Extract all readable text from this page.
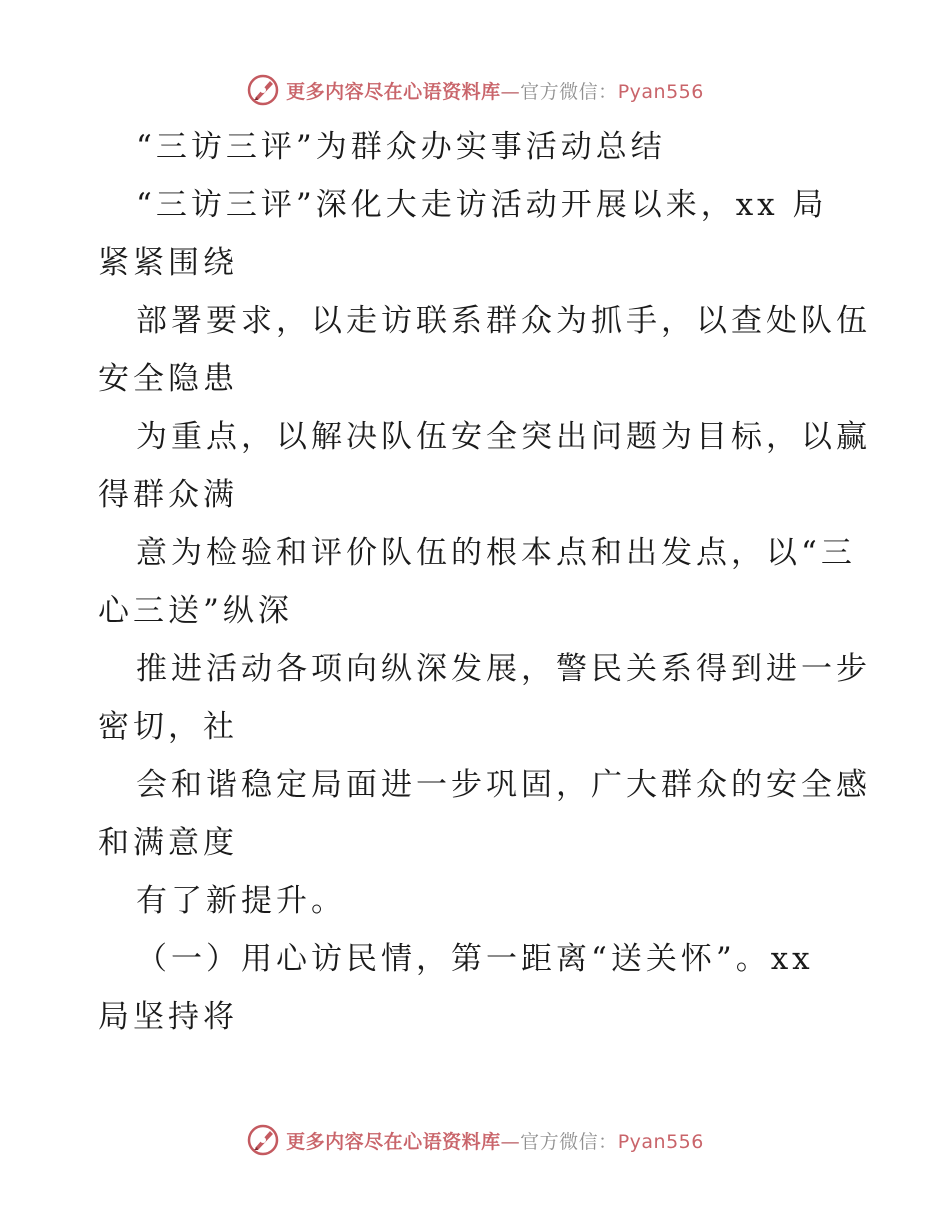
更多内容尽在心语资料库—官方微信：Pyan556

“三访三评”为群众办实事活动总结

“三访三评”深化大走访活动开展以来，xx 局

紧紧围绕

部署要求，以走访联系群众为抓手，以查处队伍

安全隐患

为重点，以解决队伍安全突出问题为目标，以赢

得群众满

意为检验和评价队伍的根本点和出发点，以“三

心三送”纵深

推进活动各项向纵深发展，警民关系得到进一步

密切，社

会和谐稳定局面进一步巩固，广大群众的安全感

和满意度

有了新提升。

（一）用心访民情，第一距离“送关怀”。xx

局坚持将

更多内容尽在心语资料库—官方微信：Pyan556
